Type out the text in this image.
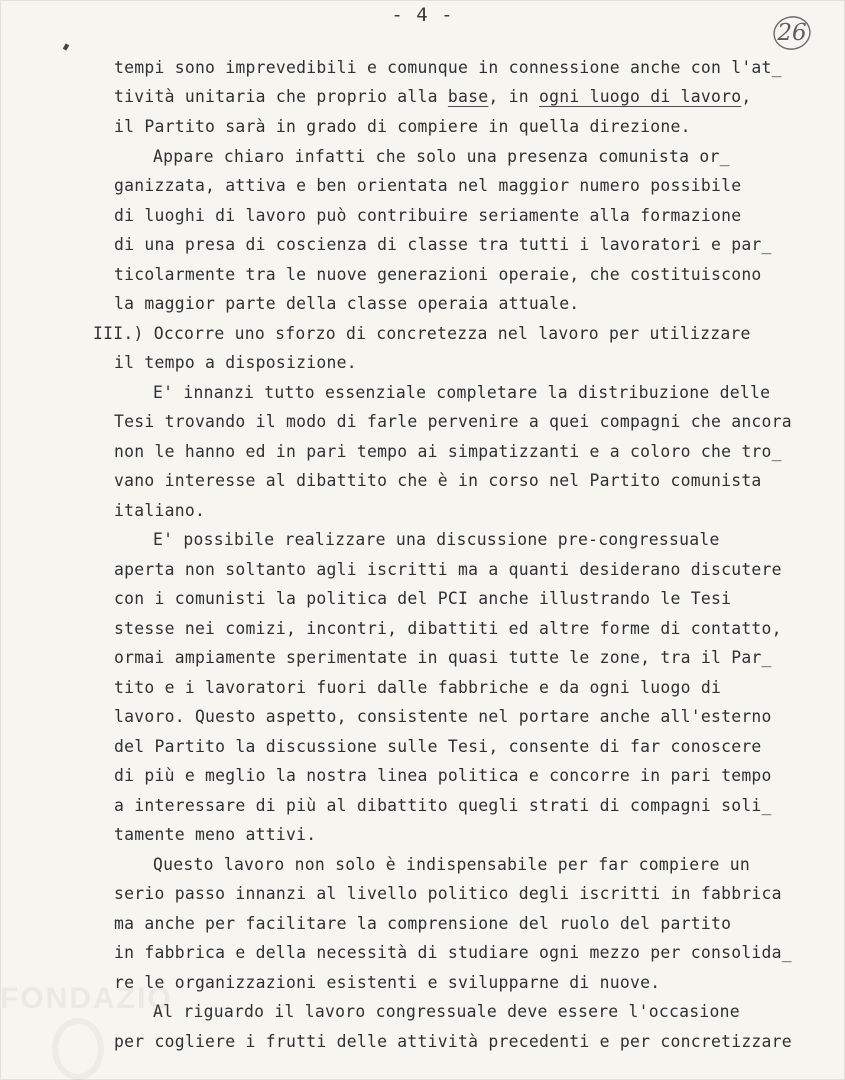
- 4 -
26
tempi sono imprevedibili e comunque in connessione anche con l'at_
tività unitaria che proprio alla base, in ogni luogo di lavoro,
il Partito sarà in grado di compiere in quella direzione.
Appare chiaro infatti che solo una presenza comunista or_
ganizzata, attiva e ben orientata nel maggior numero possibile
di luoghi di lavoro può contribuire seriamente alla formazione
di una presa di coscienza di classe tra tutti i lavoratori e par_
ticolarmente tra le nuove generazioni operaie, che costituiscono
la maggior parte della classe operaia attuale.
III.) Occorre uno sforzo di concretezza nel lavoro per utilizzare
il tempo a disposizione.
E' innanzi tutto essenziale completare la distribuzione delle
Tesi trovando il modo di farle pervenire a quei compagni che ancora
non le hanno ed in pari tempo ai simpatizzanti e a coloro che tro_
vano interesse al dibattito che è in corso nel Partito comunista
italiano.
E' possibile realizzare una discussione pre-congressuale
aperta non soltanto agli iscritti ma a quanti desiderano discutere
con i comunisti la politica del PCI anche illustrando le Tesi
stesse nei comizi, incontri, dibattiti ed altre forme di contatto,
ormai ampiamente sperimentate in quasi tutte le zone, tra il Par_
tito e i lavoratori fuori dalle fabbriche e da ogni luogo di
lavoro. Questo aspetto, consistente nel portare anche all'esterno
del Partito la discussione sulle Tesi, consente di far conoscere
di più e meglio la nostra linea politica e concorre in pari tempo
a interessare di più al dibattito quegli strati di compagni soli_
tamente meno attivi.
Questo lavoro non solo è indispensabile per far compiere un
serio passo innanzi al livello politico degli iscritti in fabbrica
ma anche per facilitare la comprensione del ruolo del partito
in fabbrica e della necessità di studiare ogni mezzo per consolida_
re le organizzazioni esistenti e svilupparne di nuove.
Al riguardo il lavoro congressuale deve essere l'occasione
per cogliere i frutti delle attività precedenti e per concretizzare
FONDAZIO
